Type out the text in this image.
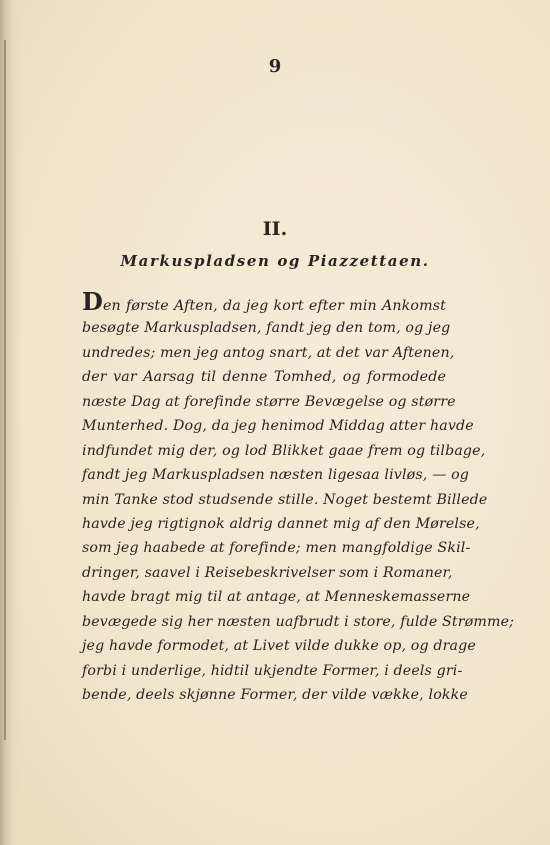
9
II.
Markuspladsen og Piazzettaen.
Den første Aften, da jeg kort efter min Ankomst
besøgte Markuspladsen, fandt jeg den tom, og jeg
undredes; men jeg antog snart, at det var Aftenen,
der var Aarsag til denne Tomhed, og formodede
næste Dag at forefinde større Bevægelse og større
Munterhed. Dog, da jeg henimod Middag atter havde
indfundet mig der, og lod Blikket gaae frem og tilbage,
fandt jeg Markuspladsen næsten ligesaa livløs, — og
min Tanke stod studsende stille. Noget bestemt Billede
havde jeg rigtignok aldrig dannet mig af den Mørelse,
som jeg haabede at forefinde; men mangfoldige Skil-
dringer, saavel i Reisebeskrivelser som i Romaner,
havde bragt mig til at antage, at Menneskemasserne
bevægede sig her næsten uafbrudt i store, fulde Strømme;
jeg havde formodet, at Livet vilde dukke op, og drage
forbi i underlige, hidtil ukjendte Former, i deels gri-
bende, deels skjønne Former, der vilde vække, lokke
